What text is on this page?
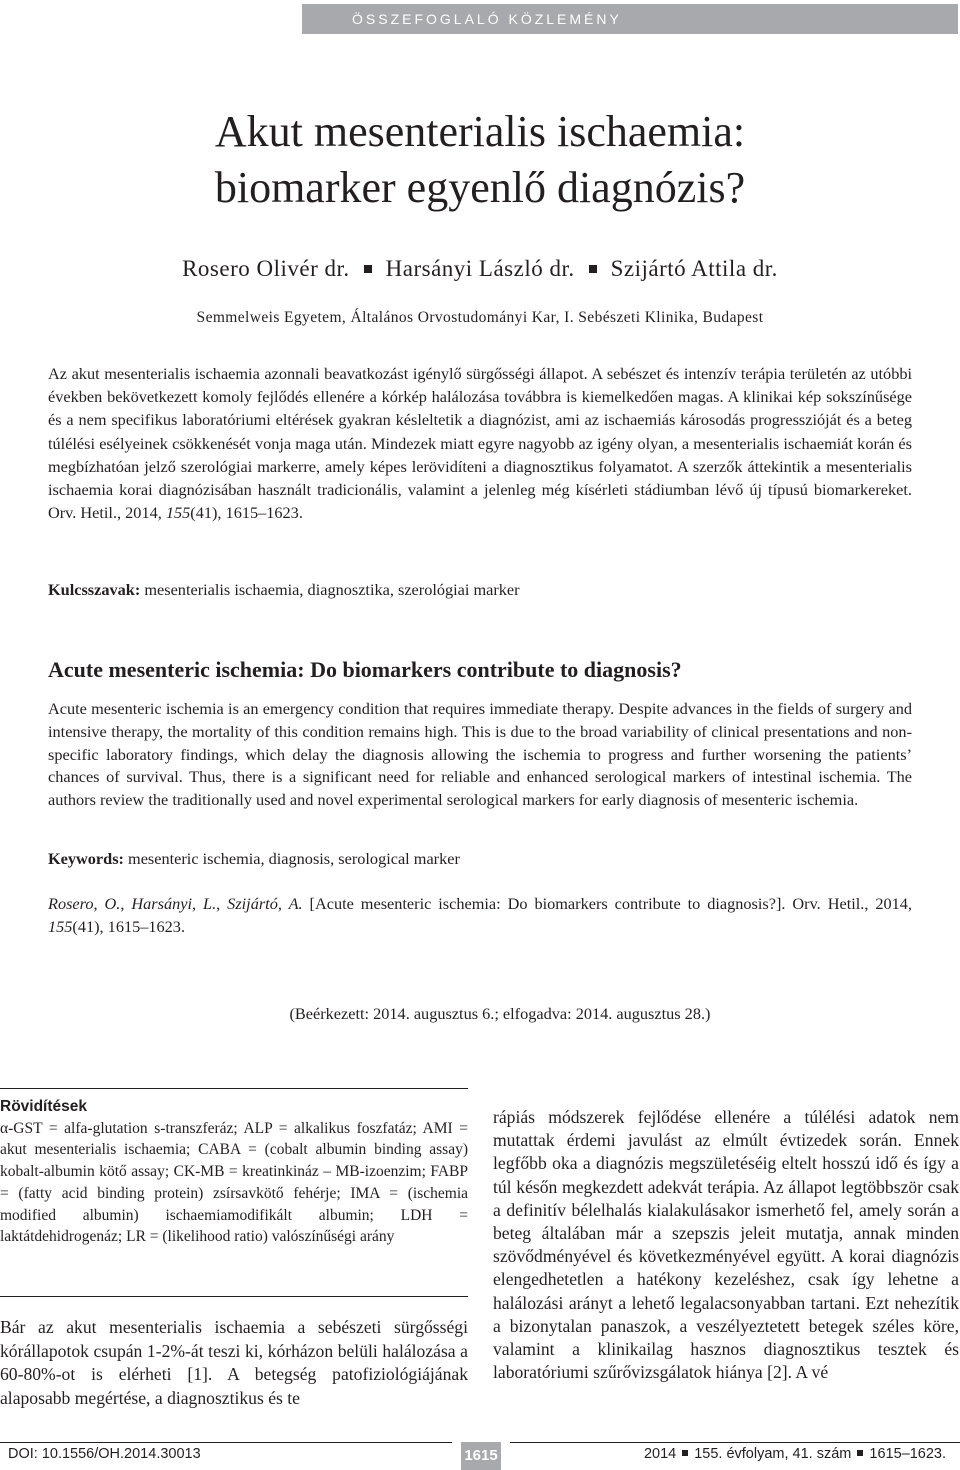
ÖSSZEFOGLALÓ KÖZLEMÉNY
Akut mesenterialis ischaemia:
biomarker egyenlő diagnózis?
Rosero Olivér dr. Harsányi László dr. Szijártó Attila dr.
Semmelweis Egyetem, Általános Orvostudományi Kar, I. Sebészeti Klinika, Budapest

Az akut mesenterialis ischaemia azonnali beavatkozást igénylő sürgősségi állapot. A sebészet és intenzív terápia területén az utóbbi években bekövetkezett komoly fejlődés ellenére a kórkép halálozása továbbra is kiemelkedően magas. A klinikai kép sokszínűsége és a nem specifikus laboratóriumi eltérések gyakran késleltetik a diagnózist, ami az ischaemiás károsodás progresszióját és a beteg túlélési esélyeinek csökkenését vonja maga után. Mindezek miatt egyre nagyobb az igény olyan, a mesenterialis ischaemiát korán és megbízhatóan jelző szerológiai markerre, amely képes lerövidíteni a diagnosztikus folyamatot. A szerzők áttekintik a mesenterialis ischaemia korai diagnózisában használt tradicionális, valamint a jelenleg még kísérleti stádiumban lévő új típusú biomarkereket. Orv. Hetil., 2014, 155(41), 1615–1623.

Kulcsszavak: mesenterialis ischaemia, diagnosztika, szerológiai marker
Acute mesenteric ischemia: Do biomarkers contribute to diagnosis?

Acute mesenteric ischemia is an emergency condition that requires immediate therapy. Despite advances in the fields of surgery and intensive therapy, the mortality of this condition remains high. This is due to the broad variability of clinical presentations and non-specific laboratory findings, which delay the diagnosis allowing the ischemia to progress and further worsening the patients’ chances of survival. Thus, there is a significant need for reliable and enhanced serological markers of intestinal ischemia. The authors review the traditionally used and novel experimental serological markers for early diagnosis of mesenteric ischemia.

Keywords: mesenteric ischemia, diagnosis, serological marker
Rosero, O., Harsányi, L., Szijártó, A. [Acute mesenteric ischemia: Do biomarkers contribute to diagnosis?]. Orv. Hetil., 2014, 155(41), 1615–1623.
(Beérkezett: 2014. augusztus 6.; elfogadva: 2014. augusztus 28.)
Rövidítések

α-GST = alfa-glutation s-transzferáz; ALP = alkalikus foszfatáz; AMI = akut mesenterialis ischaemia; CABA = (cobalt albumin binding assay) kobalt-albumin kötő assay; CK-MB = kreatinkináz – MB-izoenzim; FABP = (fatty acid binding protein) zsírsavkötő fehérje; IMA = (ischemia modified albumin) ischaemiamodifikált albumin; LDH = laktátdehidrogenáz; LR = (likelihood ratio) valószínűségi arány

Bár az akut mesenterialis ischaemia a sebészeti sürgősségi kórállapotok csupán 1-2%-át teszi ki, kórházon belüli halálozása a 60-80%-ot is elérheti [1]. A betegség patofiziológiájának alaposabb megértése, a diagnosztikus és te

rápiás módszerek fejlődése ellenére a túlélési adatok nem mutattak érdemi javulást az elmúlt évtizedek során. Ennek legfőbb oka a diagnózis megszületéséig eltelt hosszú idő és így a túl későn megkezdett adekvát terápia. Az állapot legtöbbször csak a definitív bélelhalás kialakulásakor ismerhető fel, amely során a beteg általában már a szepszis jeleit mutatja, annak minden szövődményével és következményével együtt. A korai diagnózis elengedhetetlen a hatékony kezeléshez, csak így lehetne a halálozási arányt a lehető legalacsonyabban tartani. Ezt nehezítik a bizonytalan panaszok, a veszélyeztetett betegek széles köre, valamint a klinikailag hasznos diagnosztikus tesztek és laboratóriumi szűrővizsgálatok hiánya [2]. A vé

DOI: 10.1556/OH.2014.30013	1615	2014 155. évfolyam, 41. szám 1615–1623.
